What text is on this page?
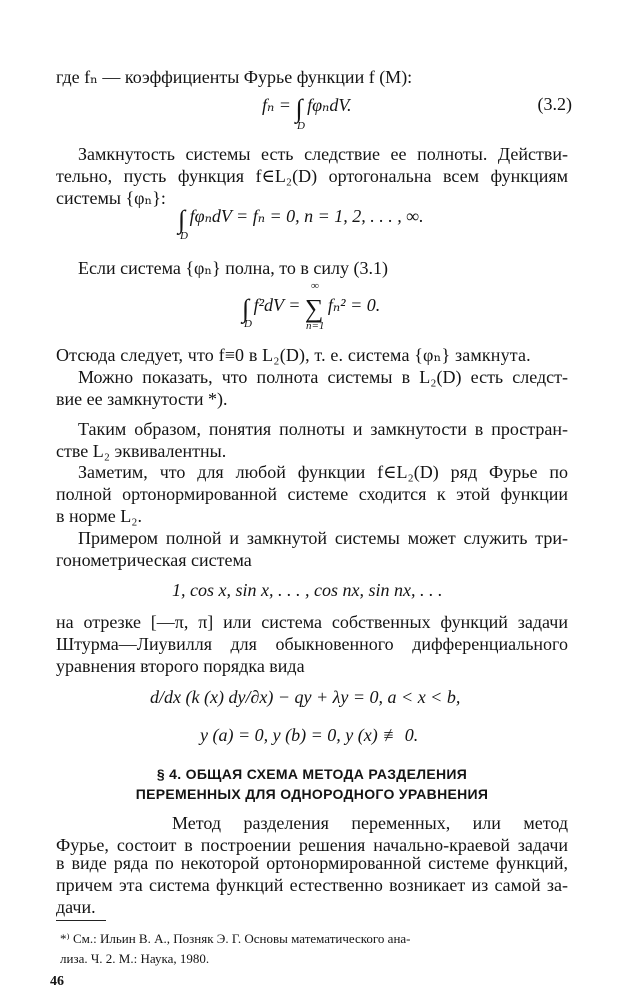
где fₙ — коэффициенты Фурье функции f (M):
fₙ = ∫ fφₙdV.
D
(3.2)
Замкнутость системы есть следствие ее полноты. Действи-
тельно, пусть функция f∈L₂(D) ортогональна всем функциям
системы {φₙ}:
∫ fφₙdV = fₙ = 0, n = 1, 2, . . . , ∞.
D
Если система {φₙ} полна, то в силу (3.1)
∞
∫ f²dV = ∑ fₙ² = 0.
D	n=1
Отсюда следует, что f≡0 в L₂(D), т. е. система {φₙ} замкнута.
Можно показать, что полнота системы в L₂(D) есть следст-
вие ее замкнутости *).
Таким образом, понятия полноты и замкнутости в простран-
стве L₂ эквивалентны.
Заметим, что для любой функции f∈L₂(D) ряд Фурье по
полной ортонормированной системе сходится к этой функции
в норме L₂.
Примером полной и замкнутой системы может служить три-
гонометрическая система
1, cos x, sin x, . . . , cos nx, sin nx, . . .
на отрезке [—π, π] или система собственных функций задачи
Штурма—Лиувилля для обыкновенного дифференциального
уравнения второго порядка вида
d/dx (k (x) dy/∂x) − qy + λy = 0, a < x < b,
y (a) = 0, y (b) = 0, y (x) ≢ 0.
§ 4. ОБЩАЯ СХЕМА МЕТОДА РАЗДЕЛЕНИЯ
ПЕРЕМЕННЫХ ДЛЯ ОДНОРОДНОГО УРАВНЕНИЯ
Метод разделения переменных, или метод
Фурье, состоит в построении решения начально-краевой задачи
в виде ряда по некоторой ортонормированной системе функций,
причем эта система функций естественно возникает из самой за-
дачи.
*⁾ См.: Ильин В. А., Позняк Э. Г. Основы математического ана-
лиза. Ч. 2. М.: Наука, 1980.
46
